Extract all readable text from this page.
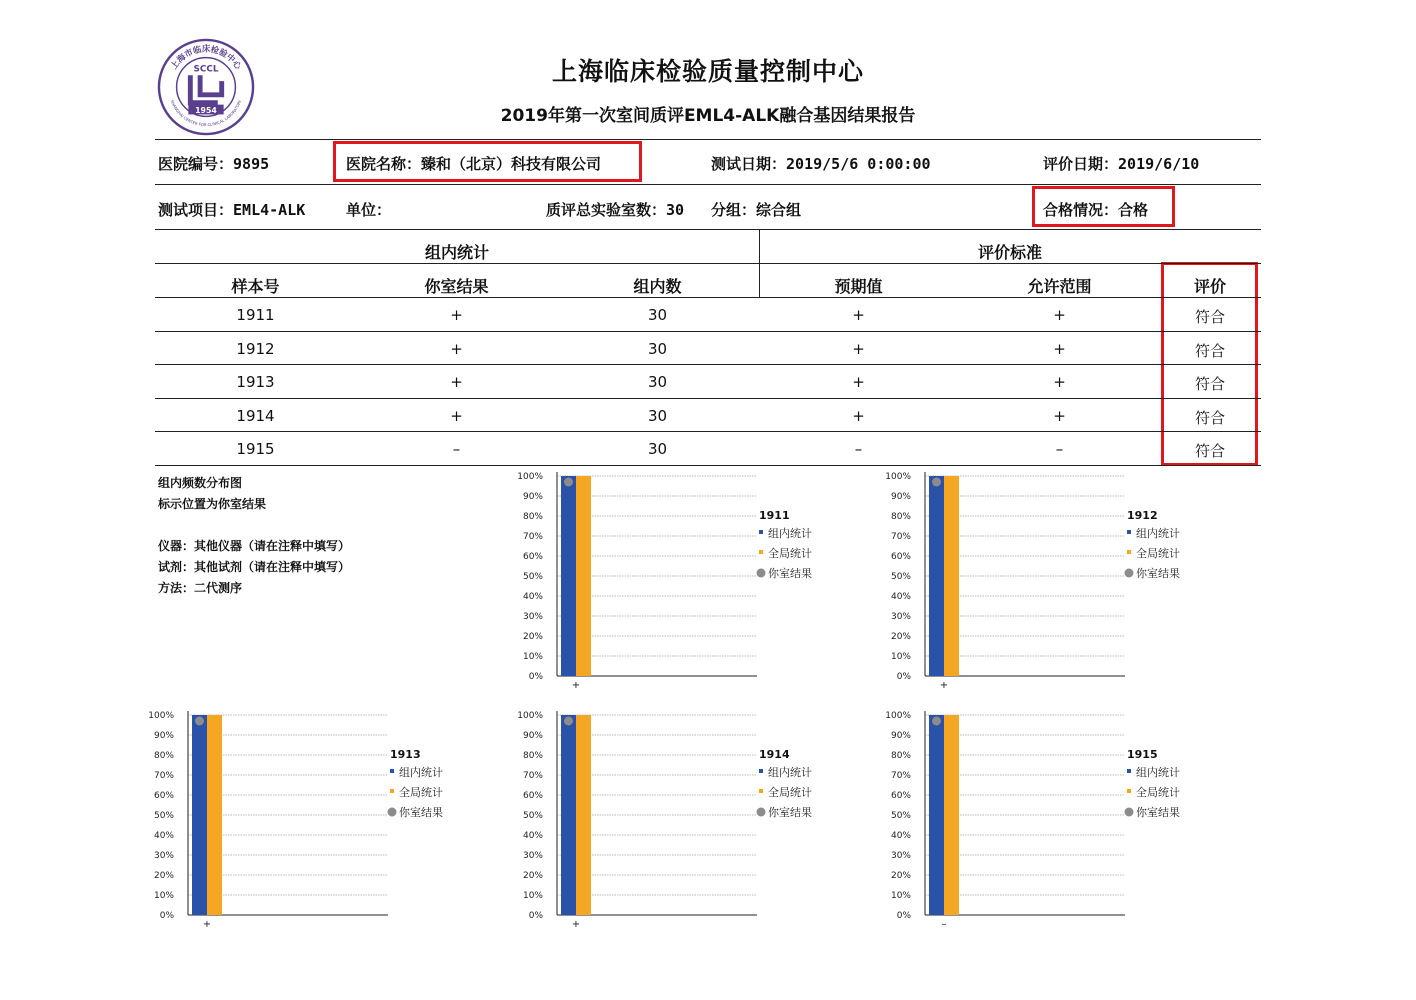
上海市临床检验中心
SHANGHAI CENTER FOR CLINICAL LABORATORY
SCCL
1954
上海临床检验质量控制中心
2019年第一次室间质评EML4-ALK融合基因结果报告
医院编号：9895	医院名称：臻和（北京）科技有限公司	测试日期：2019/5/6 0:00:00	评价日期：2019/6/10
测试项目：EML4-ALK	单位：	质评总实验室数：30 分组：综合组	合格情况：合格
组内统计	评价标准
样本号	你室结果	组内数	预期值	允许范围	评价
1911	+	30	+	+	符合
1912	+	30	+	+	符合
1913	+	30	+	+	符合
1914	+	30	+	+	符合
1915	–	30	–	–	符合
组内频数分布图
标示位置为你室结果
仪器：其他仪器（请在注释中填写）
试剂：其他试剂（请在注释中填写）
方法：二代测序
0%
10%
20%
30%
40%
50%
60%
70%
80%
90%
100%
+
1911
组内统计
全局统计
你室结果
0%
10%
20%
30%
40%
50%
60%
70%
80%
90%
100%
+
1912
组内统计
全局统计
你室结果
0%
10%
20%
30%
40%
50%
60%
70%
80%
90%
100%
+
1913
组内统计
全局统计
你室结果
0%
10%
20%
30%
40%
50%
60%
70%
80%
90%
100%
+
1914
组内统计
全局统计
你室结果
0%
10%
20%
30%
40%
50%
60%
70%
80%
90%
100%
–
1915
组内统计
全局统计
你室结果
